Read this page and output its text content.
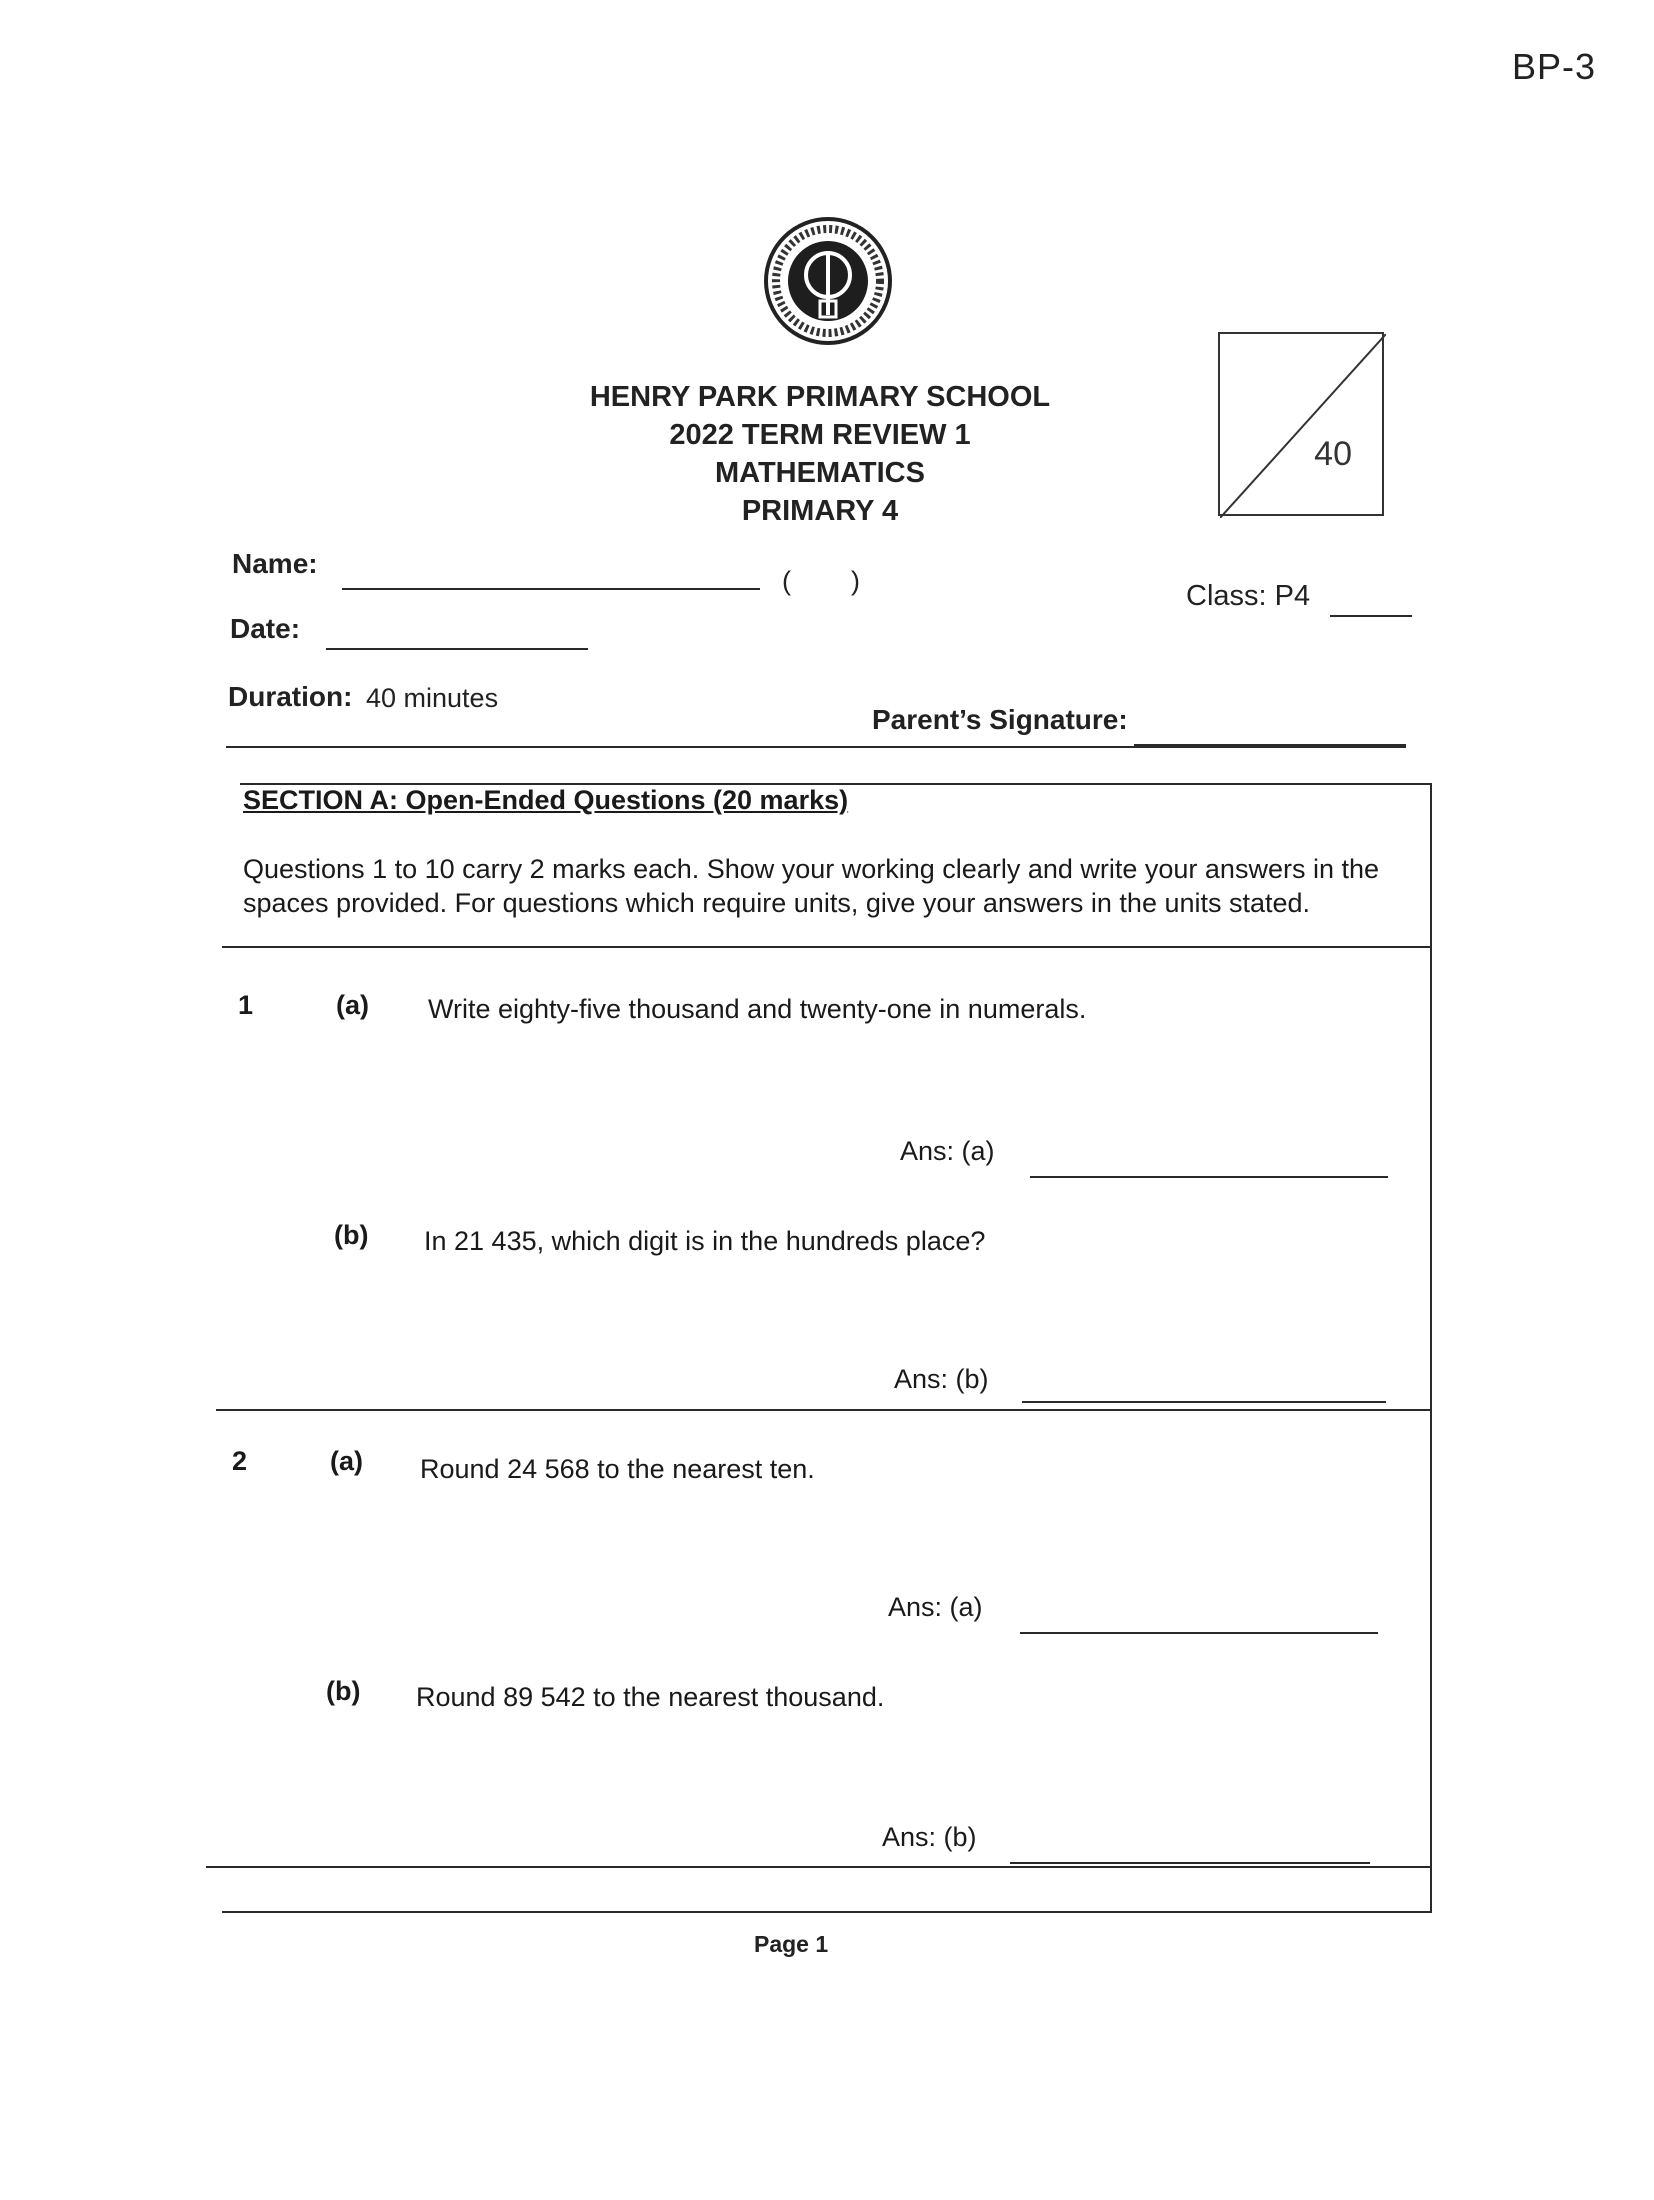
BP-3
HENRY PARK PRIMARY SCHOOL
2022 TERM REVIEW 1
MATHEMATICS
PRIMARY 4
40
Name:
(        )	Class: P4
Date:
Duration: 40 minutes
Parent’s Signature:
SECTION A: Open-Ended Questions (20 marks)
Questions 1 to 10 carry 2 marks each. Show your working clearly and write your answers in the spaces provided. For questions which require units, give your answers in the units stated.
1	(a) Write eighty-five thousand and twenty-one in numerals.
Ans: (a)
(b) In 21 435, which digit is in the hundreds place?
Ans: (b)
2	(a) Round 24 568 to the nearest ten.
Ans: (a)
(b) Round 89 542 to the nearest thousand.
Ans: (b)
Page 1
